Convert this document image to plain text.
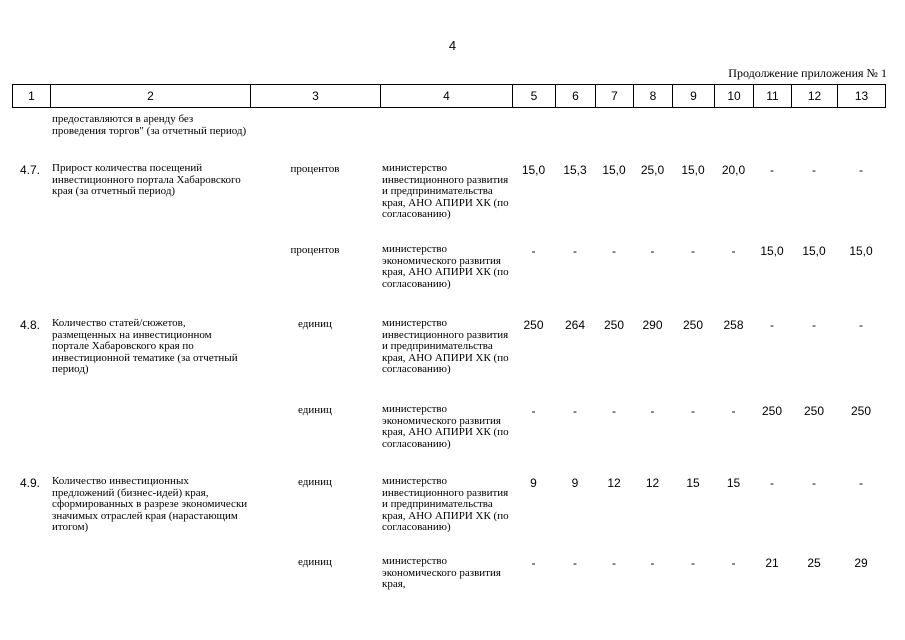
4
Продолжение приложения № 1
1	2	3	4	5	6	7	8	9	10	11	12	13
	предоставляются в аренду без проведения торгов" (за отчетный период)											
4.7.	Прирост количества посещений инвестиционного портала Хабаровского края (за отчетный период)	процентов	министерство инвестиционного развития и предпринимательства края, АНО АПИРИ ХК (по согласованию)	15,0	15,3	15,0	25,0	15,0	20,0	-	-	-
		процентов	министерство экономического развития края, АНО АПИРИ ХК (по согласованию)	-	-	-	-	-	-	15,0	15,0	15,0
4.8.	Количество статей/сюжетов, размещенных на инвестиционном портале Хабаровского края по инвестиционной тематике (за отчетный период)	единиц	министерство инвестиционного развития и предпринимательства края, АНО АПИРИ ХК (по согласованию)	250	264	250	290	250	258	-	-	-
		единиц	министерство экономического развития края, АНО АПИРИ ХК (по согласованию)	-	-	-	-	-	-	250	250	250
4.9.	Количество инвестиционных предложений (бизнес-идей) края, сформированных в разрезе экономически значимых отраслей края (нарастающим итогом)	единиц	министерство инвестиционного развития и предпринимательства края, АНО АПИРИ ХК (по согласованию)	9	9	12	12	15	15	-	-	-
		единиц	министерство экономического развития края,	-	-	-	-	-	-	21	25	29
